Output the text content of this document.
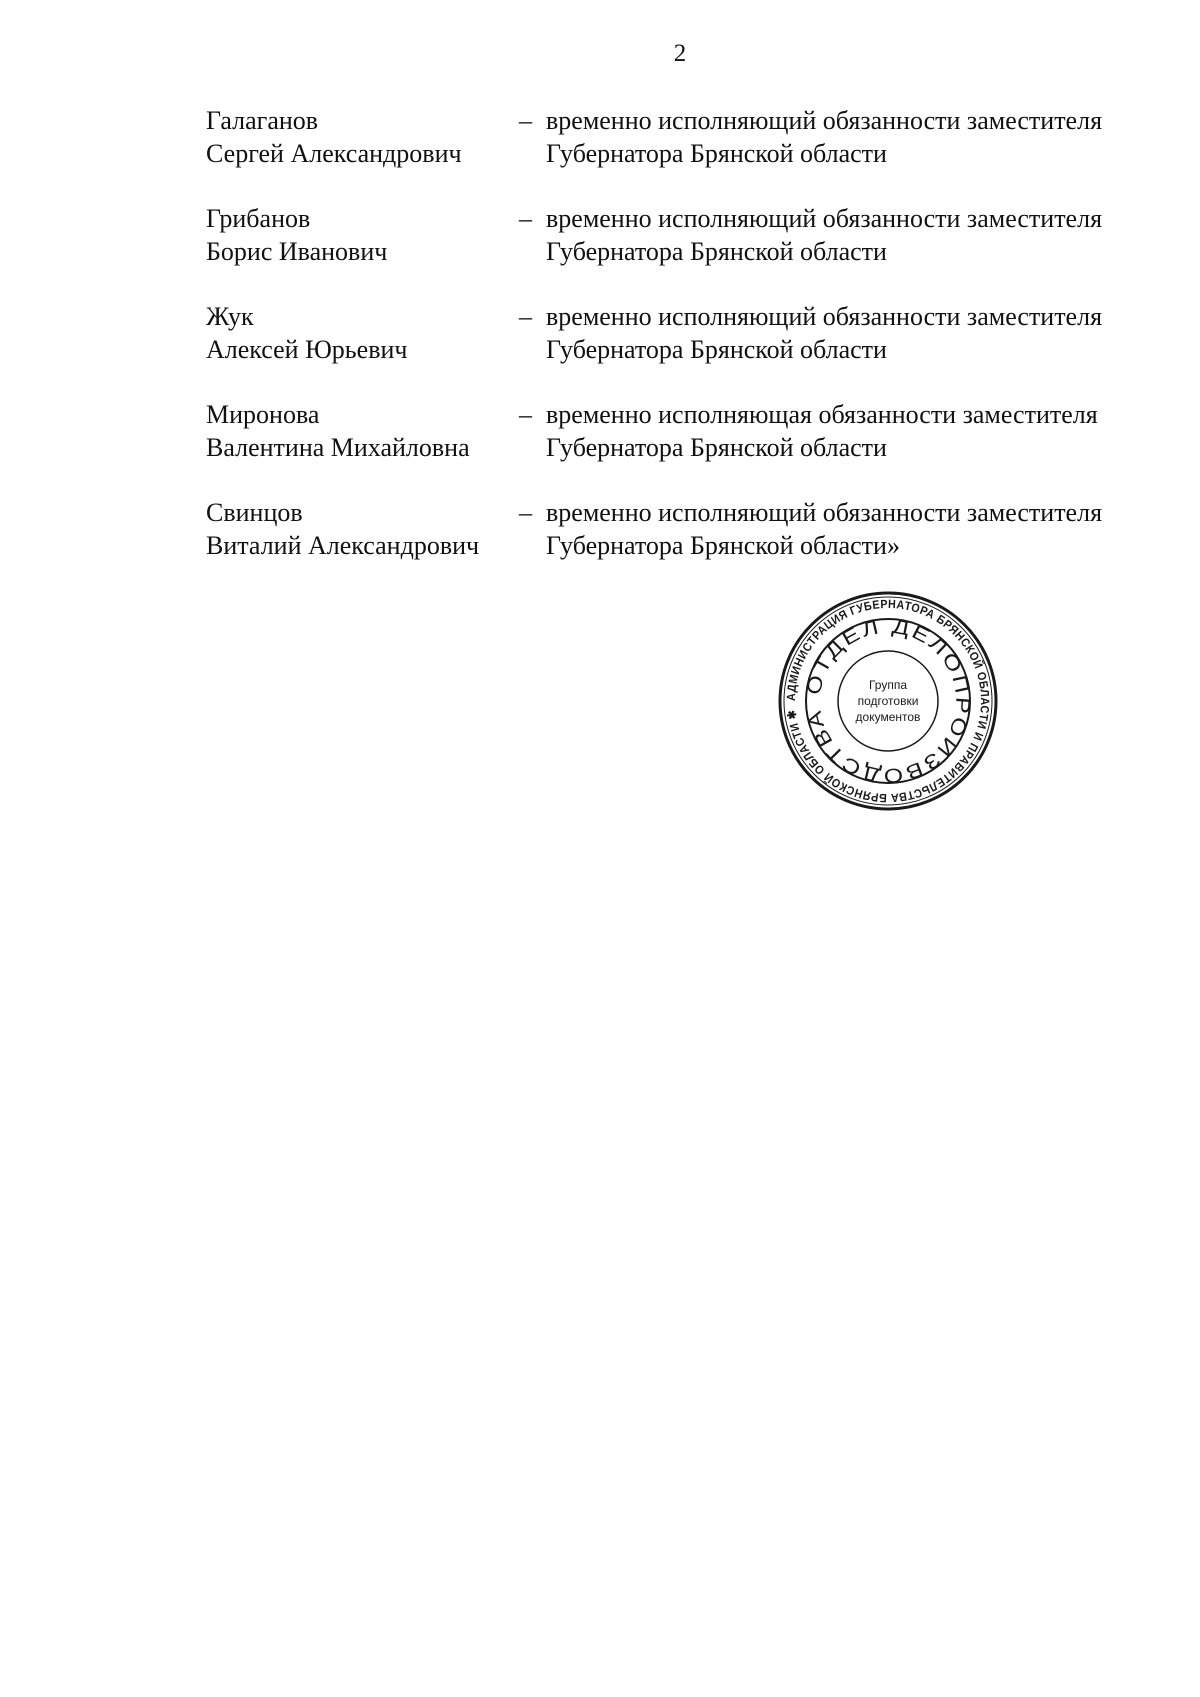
2
Галаганов
Сергей Александрович
– временно исполняющий обязанности заместителя
Губернатора Брянской области
Грибанов
Борис Иванович
– временно исполняющий обязанности заместителя
Губернатора Брянской области
Жук
Алексей Юрьевич
– временно исполняющий обязанности заместителя
Губернатора Брянской области
Миронова
Валентина Михайловна
– временно исполняющая обязанности заместителя
Губернатора Брянской области
Свинцов
Виталий Александрович
– временно исполняющий обязанности заместителя
Губернатора Брянской области»
АДМИНИСТРАЦИЯ ГУБЕРНАТОРА БРЯНСКОЙ ОБЛАСТИ И ПРАВИТЕЛЬСТВА БРЯНСКОЙ ОБЛАСТИ ✱
ОТДЕЛ ДЕЛОПРОИЗВОДСТВА
Группа
подготовки
документов
